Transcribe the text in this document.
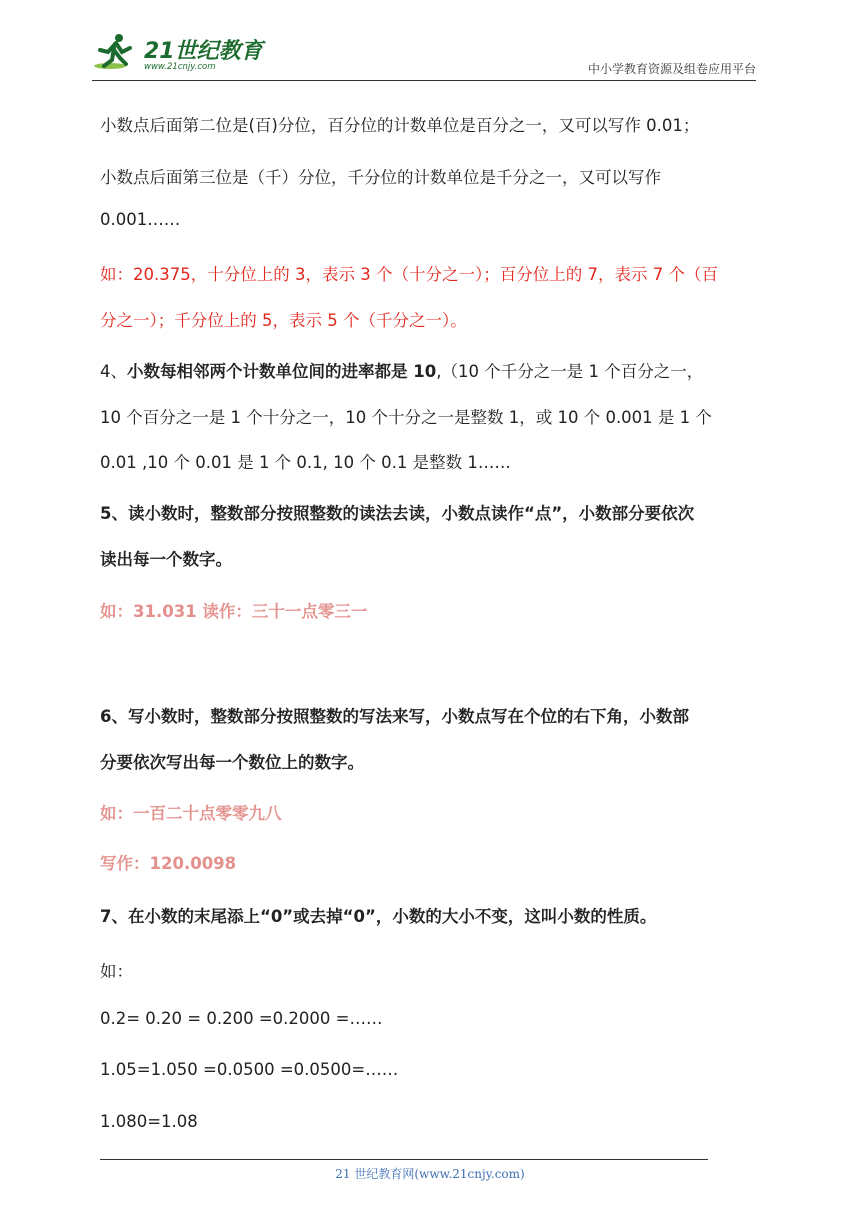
21世纪教育
www.21cnjy.com	中小学教育资源及组卷应用平台
小数点后面第二位是(百)分位，百分位的计数单位是百分之一，又可以写作 0.01；
小数点后面第三位是（千）分位，千分位的计数单位是千分之一，又可以写作
0.001……
如：20.375，十分位上的 3，表示 3 个（十分之一）；百分位上的 7，表示 7 个（百
分之一）；千分位上的 5，表示 5 个（千分之一）。
4、小数每相邻两个计数单位间的进率都是 10,（10 个千分之一是 1 个百分之一，
10 个百分之一是 1 个十分之一，10 个十分之一是整数 1，或 10 个 0.001 是 1 个
0.01 ,10 个 0.01 是 1 个 0.1, 10 个 0.1 是整数 1……
5、读小数时，整数部分按照整数的读法去读，小数点读作“点”，小数部分要依次
读出每一个数字。
如：31.031 读作：三十一点零三一
6、写小数时，整数部分按照整数的写法来写，小数点写在个位的右下角，小数部
分要依次写出每一个数位上的数字。
如：一百二十点零零九八
写作：120.0098
7、在小数的末尾添上“0”或去掉“0”，小数的大小不变，这叫小数的性质。
如：
0.2= 0.20 = 0.200 =0.2000 =……
1.05=1.050 =0.0500 =0.0500=……
1.080=1.08
21 世纪教育网(www.21cnjy.com)
